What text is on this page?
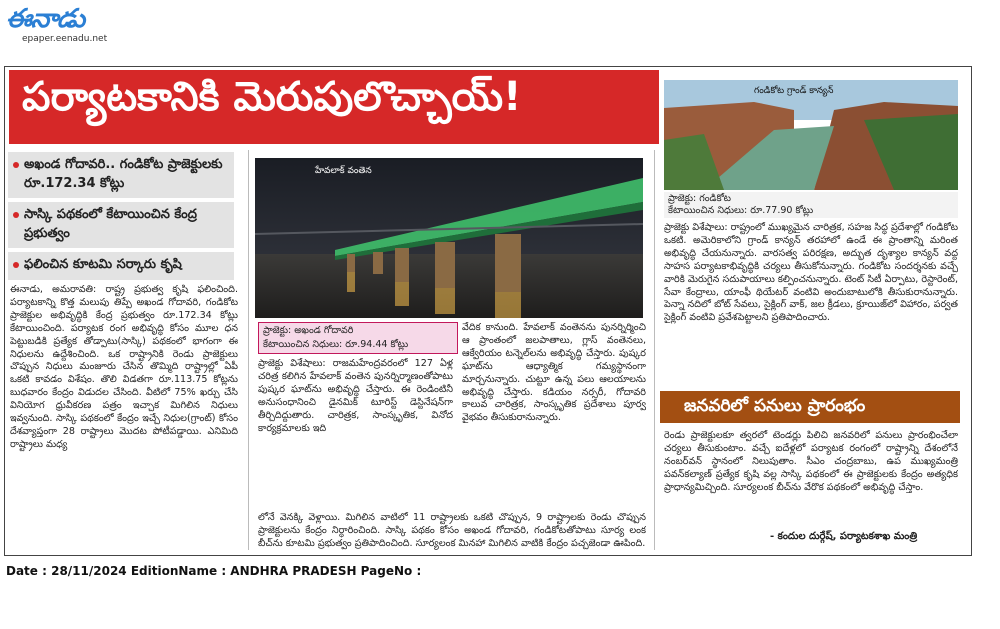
ఈనాడు
epaper.eenadu.net
పర్యాటకానికి మెరుపులొచ్చాయ్!
అఖండ గోదావరి.. గండికోట ప్రాజెక్టులకు రూ.172.34 కోట్లు
సాస్కి పథకంలో కేటాయించిన కేంద్ర ప్రభుత్వం
ఫలించిన కూటమి సర్కారు కృషి
ఈనాడు, అమరావతి: రాష్ట్ర ప్రభుత్వ కృషి ఫలించింది. పర్యాటకాన్ని కొత్త మలుపు తిప్పే అఖండ గోదావరి, గండికోట ప్రాజెక్టుల అభివృద్ధికి కేంద్ర ప్రభుత్వం రూ.172.34 కోట్లు కేటాయించింది. పర్యాటక రంగ అభివృద్ధి కోసం మూల ధన పెట్టుబడికి ప్రత్యేక తోడ్పాటు(సాస్కి) పథకంలో భాగంగా ఈ నిధులను ఉద్దేశించింది. ఒక రాష్ట్రానికి రెండు ప్రాజెక్టులు చొప్పున నిధులు మంజూరు చేసిన తొమ్మిది రాష్ట్రాల్లో ఏపీ ఒకటి కావడం విశేషం. తొలి విడతగా రూ.113.75 కోట్లను బుధవారం కేంద్రం విడుదల చేసింది. వీటిలో 75% ఖర్చు చేసి వినియోగ ధ్రువీకరణ పత్రం ఇచ్చాక మిగిలిన నిధులు ఇవ్వనుంది. సాస్కి పథకంలో కేంద్రం ఇచ్చే నిధుల(గ్రాంట్) కోసం దేశవ్యాప్తంగా 28 రాష్ట్రాలు మొదట పోటీపడ్డాయి. ఎనిమిది రాష్ట్రాలు మధ్య
హేవలాక్ వంతెన
ప్రాజెక్టు: అఖండ గోదావరి
కేటాయించిన నిధులు: రూ.94.44 కోట్లు
ప్రాజెక్టు విశేషాలు: రాజమహేంద్రవరంలో 127 ఏళ్ల చరిత్ర కలిగిన హేవలాక్ వంతెన పునర్నిర్మాణంతోపాటు పుష్కర ఘాట్‌ను అభివృద్ధి చేస్తారు. ఈ రెండింటినీ అనుసంధానించి డైనమిక్ టూరిస్ట్ డెస్టినేషన్‌గా తీర్చిదిద్దుతారు. చారిత్రక, సాంస్కృతిక, వినోద కార్యక్రమాలకు ఇది
వేదిక కానుంది. హేవలాక్ వంతెనను పునర్నిర్మించి ఆ ప్రాంతంలో జలపాతాలు, గ్లాస్ వంతెనలు, ఆక్వేరియం టన్నెల్‌లను అభివృద్ధి చేస్తారు. పుష్కర ఘాట్‌ను ఆధ్యాత్మిక గమ్యస్థానంగా మార్చనున్నారు. చుట్టూ ఉన్న పలు ఆలయాలను అభివృద్ధి చేస్తారు. కడియం నర్సరీ, గోదావరి కాలువ చారిత్రక, సాంస్కృతిక ప్రదేశాలు పూర్వ వైభవం తీసుకురానున్నారు.
లోనే వెనక్కి వెళ్లాయి. మిగిలిన వాటిలో 11 రాష్ట్రాలకు ఒకటి చొప్పున, 9 రాష్ట్రాలకు రెండు చొప్పున ప్రాజెక్టులను కేంద్రం నిర్ధారించింది. సాస్కి పథకం కోసం అఖండ గోదావరి, గండికోటతోపాటు సూర్య లంక బీచ్‌ను కూటమి ప్రభుత్వం ప్రతిపాదించింది. సూర్యలంక మినహా మిగిలిన వాటికి కేంద్రం పచ్చజెండా ఊపింది.
గండికోట గ్రాండ్ కాన్యన్
ప్రాజెక్టు: గండికోట
కేటాయించిన నిధులు: రూ.77.90 కోట్లు
ప్రాజెక్టు విశేషాలు: రాష్ట్రంలో ముఖ్యమైన చారిత్రక, సహజ సిద్ధ ప్రదేశాల్లో గండికోట ఒకటి. అమెరికాలోని గ్రాండ్ కాన్యన్ తరహాలో ఉండే ఈ ప్రాంతాన్ని మరింత అభివృద్ధి చేయనున్నారు. వారసత్వ పరిరక్షణ, అద్భుత దృశ్యాల కాన్యన్ వద్ద సాహస పర్యాటకాభివృద్ధికి చర్యలు తీసుకోనున్నారు. గండికోట సందర్శనకు వచ్చే వారికి మెరుగైన సదుపాయాలు కల్పించనున్నారు. టెంట్ సిటీ ఏర్పాటు, రెస్టారెంట్, సేవా కేంద్రాలు, యాంఫీ థియేటర్ వంటివి అందుబాటులోకి తీసుకురానున్నారు. పెన్నా నదిలో బోట్ సేవలు, సైక్లింగ్ వాక్, జల క్రీడలు, క్రూయిజ్‌లో విహారం, పర్వత సైక్లింగ్ వంటివి ప్రవేశపెట్టాలని ప్రతిపాదించారు.
జనవరిలో పనులు ప్రారంభం
రెండు ప్రాజెక్టులకూ త్వరలో టెండర్లు పిలిచి జనవరిలో పనులు ప్రారంభించేలా చర్యలు తీసుకుంటాం. వచ్చే ఐదేళ్లలో పర్యాటక రంగంలో రాష్ట్రాన్ని దేశంలోనే నంబర్‌వన్ స్థానంలో నిలుపుతాం. సీఎం చంద్రబాబు, ఉప ముఖ్యమంత్రి పవన్‌కల్యాణ్ ప్రత్యేక కృషి వల్ల సాస్కి పథకంలో ఈ ప్రాజెక్టులకు కేంద్రం అత్యధిక ప్రాధాన్యమిచ్చింది. సూర్యలంక బీచ్‌ను వేరొక పథకంలో అభివృద్ధి చేస్తాం.
- కందుల దుర్గేష్, పర్యాటకశాఖ మంత్రి
Date : 28/11/2024 EditionName : ANDHRA PRADESH PageNo :
